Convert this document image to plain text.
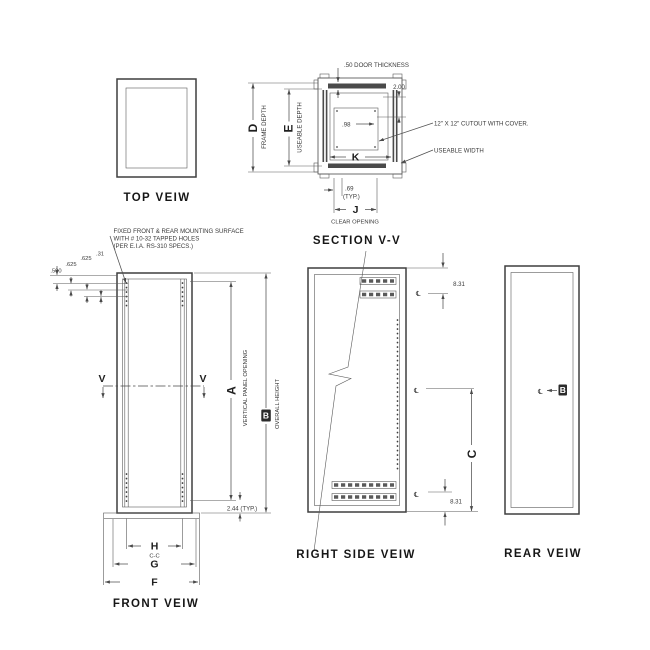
TOP VEIW
.50 DOOR THICKNESS
2.00
D FRAME DEPTH E USEABLE DEPTH	.98	12" X 12" CUTOUT WITH COVER.
USEABLE WIDTH
K
.69
(TYP.)
J
CLEAR OPENING
SECTION V-V
FIXED FRONT & REAR MOUNTING SURFACE
WITH # 10-32 TAPPED HOLES
(PER E.I.A. RS-310 SPECS.)
.500
.625
.625
.31
V	V
A VERTICAL PANEL OPENING B OVERALL HEIGHT
2.44 (TYP.)
H
C-C
G
F
FRONT VEIW
℄
8.31
℄
C
℄
8.31
RIGHT SIDE VEIW
℄ B
REAR VEIW
